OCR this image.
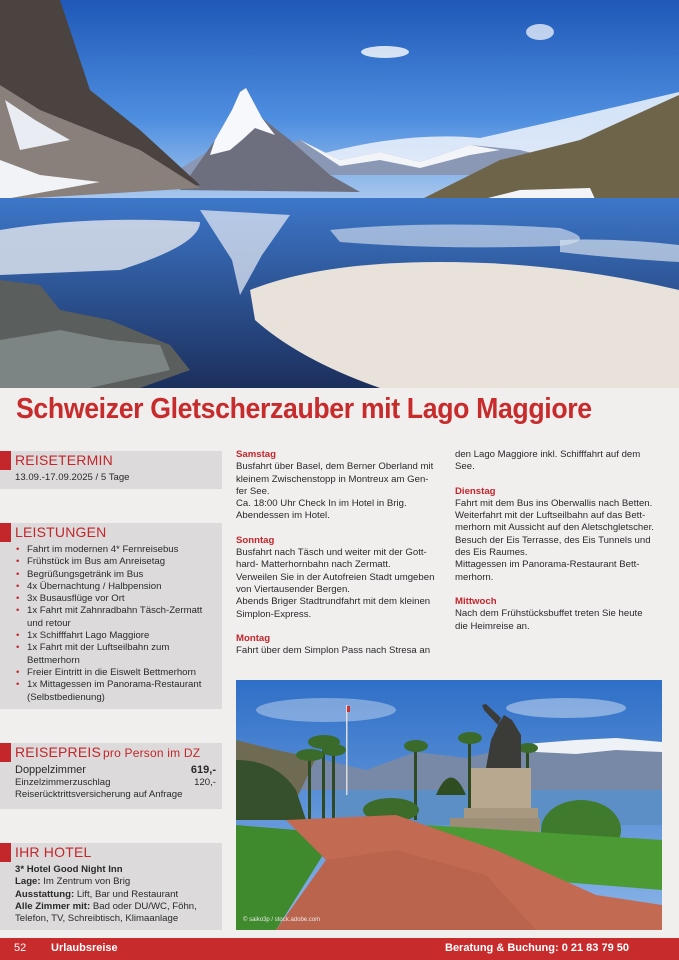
Schweizer Gletscherzauber mit Lago Maggiore
REISETERMIN
13.09.-17.09.2025 / 5 Tage
LEISTUNGEN
• Fahrt im modernen 4* Fernreisebus
• Frühstück im Bus am Anreisetag
• Begrüßungsgetränk im Bus
• 4x Übernachtung / Halbpension
• 3x Busausflüge vor Ort
• 1x Fahrt mit Zahnradbahn Täsch-Zermatt und retour
• 1x Schifffahrt Lago Maggiore
• 1x Fahrt mit der Luftseilbahn zum Bettmerhorn
• Freier Eintritt in die Eiswelt Bettmerhorn
• 1x Mittagessen im Panorama-Restaurant (Selbstbedienung)
REISEPREIS pro Person im DZ
Doppelzimmer	619,-
Einzelzimmerzuschlag	120,-
Reiserücktrittsversicherung auf Anfrage
IHR HOTEL
3* Hotel Good Night Inn
Lage: Im Zentrum von Brig
Ausstattung: Lift, Bar und Restaurant
Alle Zimmer mit: Bad oder DU/WC, Föhn,
Telefon, TV, Schreibtisch, Klimaanlage
Samstag

Busfahrt über Basel, dem Berner Oberland mit

kleinem Zwischenstopp in Montreux am Gen-

fer See.

Ca. 18:00 Uhr Check In im Hotel in Brig.

Abendessen im Hotel.

Sonntag

Busfahrt nach Täsch und weiter mit der Gott-

hard- Matterhornbahn nach Zermatt.

Verweilen Sie in der Autofreien Stadt umgeben

von Viertausender Bergen.

Abends Briger Stadtrundfahrt mit dem kleinen

Simplon-Express.

Montag

Fahrt über dem Simplon Pass nach Stresa an

den Lago Maggiore inkl. Schifffahrt auf dem

See.

Dienstag

Fahrt mit dem Bus ins Oberwallis nach Betten.

Weiterfahrt mit der Luftseilbahn auf das Bett-

merhorn mit Aussicht auf den Aletschgletscher.

Besuch der Eis Terrasse, des Eis Tunnels und

des Eis Raumes.

Mittagessen im Panorama-Restaurant Bett-

merhorn.

Mittwoch

Nach dem Frühstücksbuffet treten Sie heute

die Heimreise an.

© saiko3p / stock.adobe.com
52 Urlaubsreise	Beratung & Buchung: 0 21 83 79 50
